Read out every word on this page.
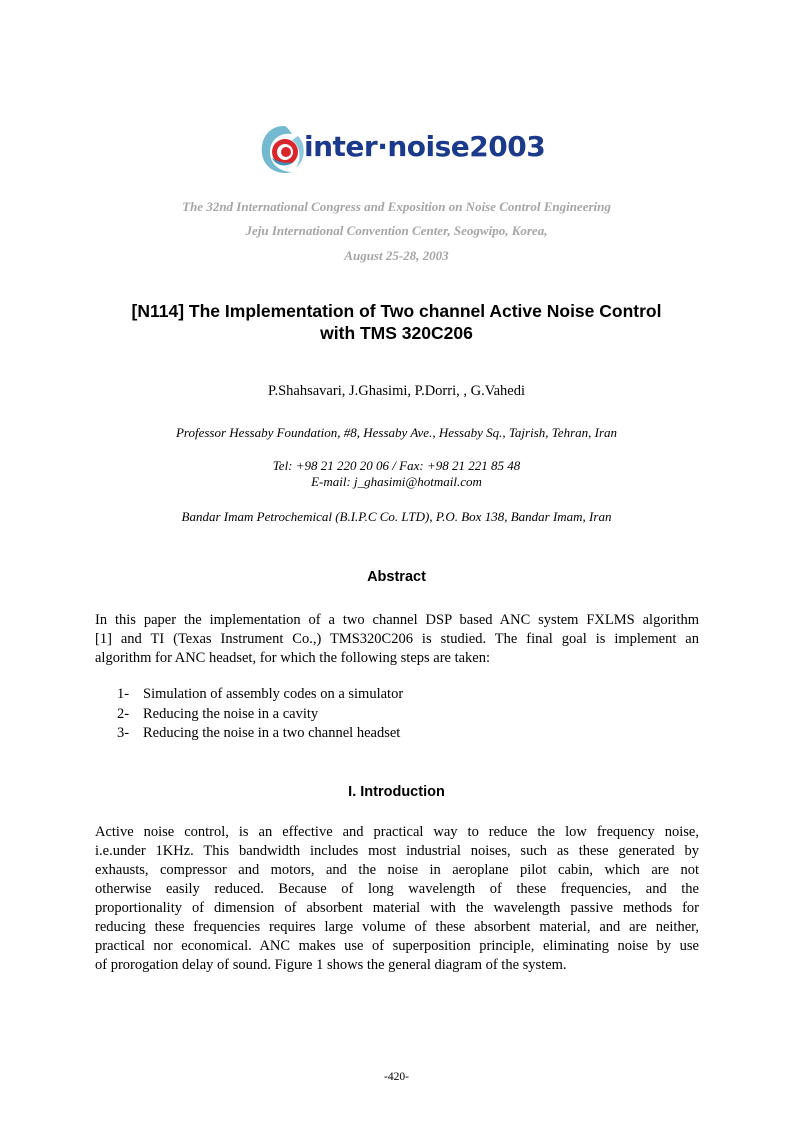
inter·noise2003
The 32nd International Congress and Exposition on Noise Control Engineering
Jeju International Convention Center, Seogwipo, Korea,
August 25-28, 2003
[N114] The Implementation of Two channel Active Noise Control
with TMS 320C206
P.Shahsavari, J.Ghasimi, P.Dorri, , G.Vahedi
Professor Hessaby Foundation, #8, Hessaby Ave., Hessaby Sq., Tajrish, Tehran, Iran
Tel: +98 21 220 20 06 / Fax: +98 21 221 85 48
E-mail: j_ghasimi@hotmail.com
Bandar Imam Petrochemical (B.I.P.C Co. LTD), P.O. Box 138, Bandar Imam, Iran
Abstract
In this paper the implementation of a two channel DSP based ANC system FXLMS algorithm
[1] and TI (Texas Instrument Co.,) TMS320C206 is studied. The final goal is implement an
algorithm for ANC headset, for which the following steps are taken:
1- Simulation of assembly codes on a simulator
2- Reducing the noise in a cavity
3- Reducing the noise in a two channel headset
I. Introduction
Active noise control, is an effective and practical way to reduce the low frequency noise,
i.e.under 1KHz. This bandwidth includes most industrial noises, such as these generated by
exhausts, compressor and motors, and the noise in aeroplane pilot cabin, which are not
otherwise easily reduced. Because of long wavelength of these frequencies, and the
proportionality of dimension of absorbent material with the wavelength passive methods for
reducing these frequencies requires large volume of these absorbent material, and are neither,
practical nor economical. ANC makes use of superposition principle, eliminating noise by use
of prorogation delay of sound. Figure 1 shows the general diagram of the system.
-420-
